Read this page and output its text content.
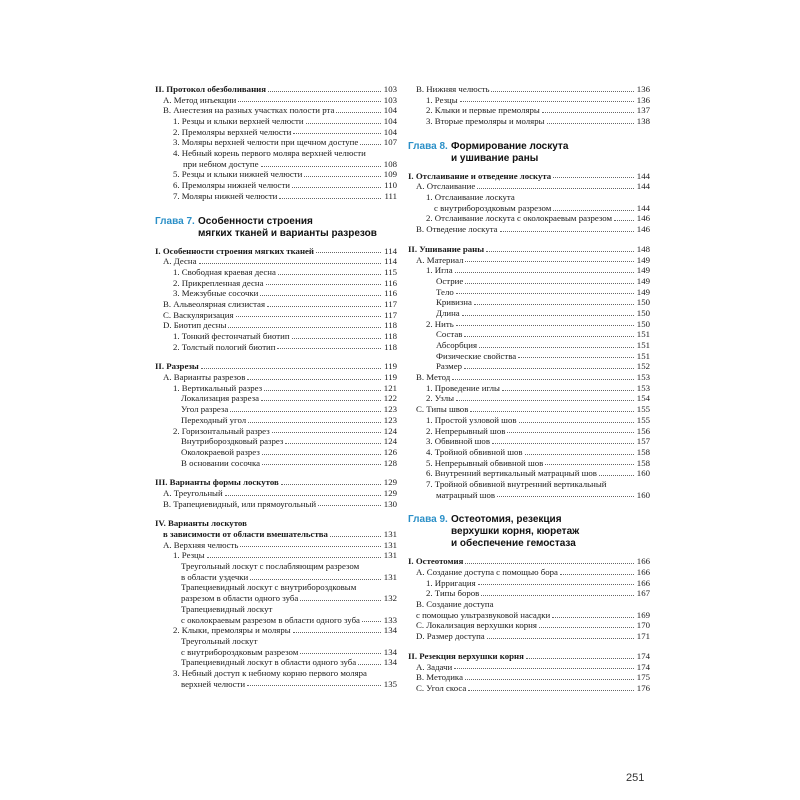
II. Протокол обезболивания	103
A. Метод инъекции	103
B. Анестезия на разных участках полости рта	104
1. Резцы и клыки верхней челюсти	104
2. Премоляры верхней челюсти	104
3. Моляры верхней челюсти при щечном доступе	107
4. Небный корень первого моляра верхней челюсти
при небном доступе	108
5. Резцы и клыки нижней челюсти	109
6. Премоляры нижней челюсти	110
7. Моляры нижней челюсти	111
Глава 7. Особенности строения
мягких тканей и варианты разрезов
I. Особенности строения мягких тканей	114
A. Десна	114
1. Свободная краевая десна	115
2. Прикрепленная десна	116
3. Межзубные сосочки	116
B. Альвеолярная слизистая	117
C. Васкуляризация	117
D. Биотип десны	118
1. Тонкий фестончатый биотип	118
2. Толстый пологий биотип	118
II. Разрезы	119
A. Варианты разрезов	119
1. Вертикальный разрез	121
Локализация разреза	122
Угол разреза	123
Переходный угол	123
2. Горизонтальный разрез	124
Внутрибороздковый разрез	124
Околокраевой разрез	126
В основании сосочка	128
III. Варианты формы лоскутов	129
A. Треугольный	129
B. Трапециевидный, или прямоугольный	130
IV. Варианты лоскутов
в зависимости от области вмешательства	131
A. Верхняя челюсть	131
1. Резцы	131
Треугольный лоскут с послабляющим разрезом
в области уздечки	131
Трапециевидный лоскут с внутрибороздковым
разрезом в области одного зуба	132
Трапециевидный лоскут
с околокраевым разрезом в области одного зуба	133
2. Клыки, премоляры и моляры	134
Треугольный лоскут
с внутрибороздковым разрезом	134
Трапециевидный лоскут в области одного зуба	134
3. Небный доступ к небному корню первого моляра
верхней челюсти	135
B. Нижняя челюсть	136
1. Резцы	136
2. Клыки и первые премоляры	137
3. Вторые премоляры и моляры	138
Глава 8. Формирование лоскута
и ушивание раны
I. Отслаивание и отведение лоскута	144
A. Отслаивание	144
1. Отслаивание лоскута
с внутрибороздковым разрезом	144
2. Отслаивание лоскута с околокраевым разрезом	146
B. Отведение лоскута	146
II. Ушивание раны	148
A. Материал	149
1. Игла	149
Острие	149
Тело	149
Кривизна	150
Длина	150
2. Нить	150
Состав	151
Абсорбция	151
Физические свойства	151
Размер	152
B. Метод	153
1. Проведение иглы	153
2. Узлы	154
C. Типы швов	155
1. Простой узловой шов	155
2. Непрерывный шов	156
3. Обвивной шов	157
4. Тройной обвивной шов	158
5. Непрерывный обвивной шов	158
6. Внутренний вертикальный матрацный шов	160
7. Тройной обвивной внутренний вертикальный
матрацный шов	160
Глава 9. Остеотомия, резекция
верхушки корня, кюретаж
и обеспечение гемостаза
I. Остеотомия	166
A. Создание доступа с помощью бора	166
1. Ирригация	166
2. Типы боров	167
B. Создание доступа
с помощью ультразвуковой насадки	169
C. Локализация верхушки корня	170
D. Размер доступа	171
II. Резекция верхушки корня	174
A. Задачи	174
B. Методика	175
C. Угол скоса	176
251
